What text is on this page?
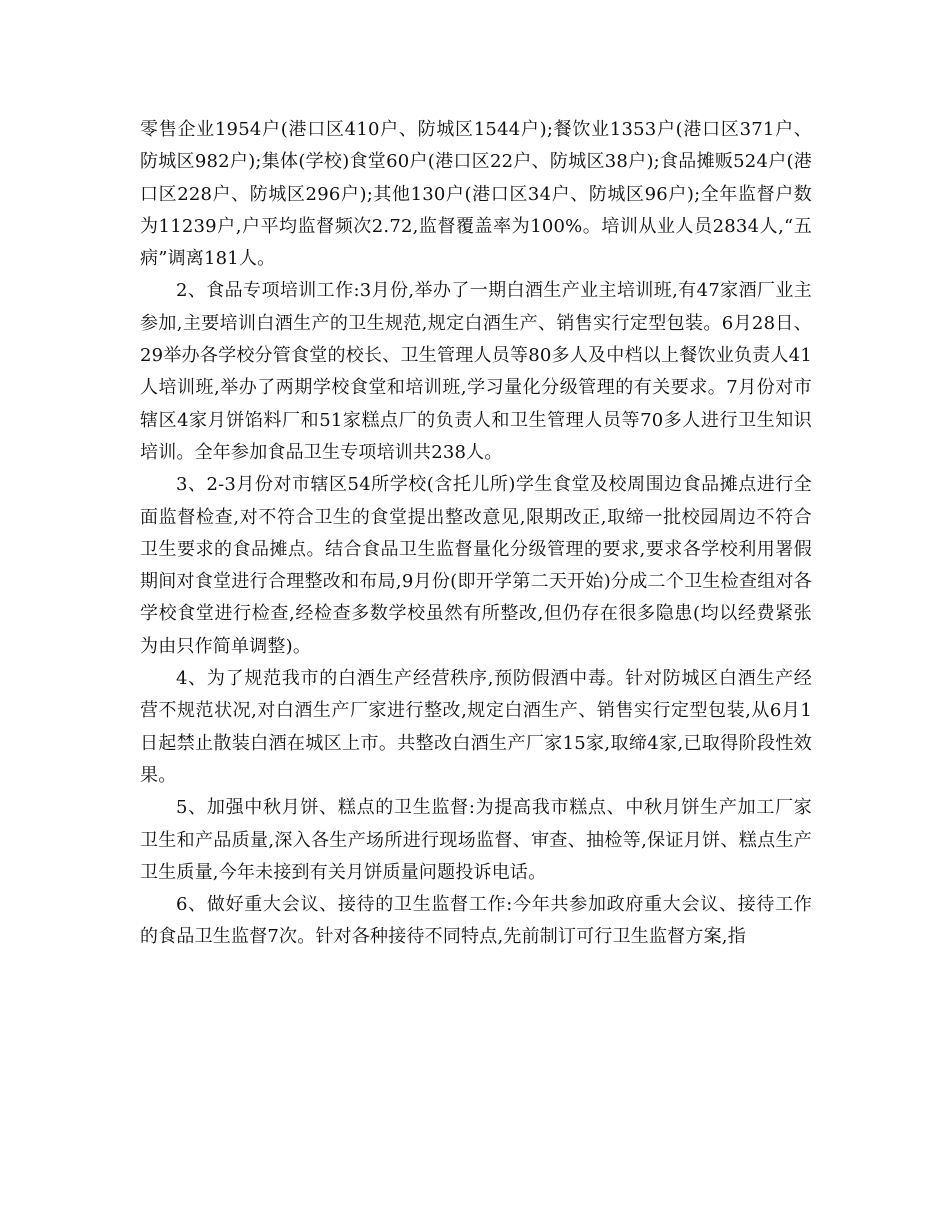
零售企业1954户(港口区410户、防城区1544户);餐饮业1353户(港口区371户、防城区982户);集体(学校)食堂60户(港口区22户、防城区38户);食品摊贩524户(港口区228户、防城区296户);其他130户(港口区34户、防城区96户);全年监督户数为11239户,户平均监督频次2.72,监督覆盖率为100%。培训从业人员2834人,“五病”调离181人。

2、食品专项培训工作:3月份,举办了一期白酒生产业主培训班,有47家酒厂业主参加,主要培训白酒生产的卫生规范,规定白酒生产、销售实行定型包装。6月28日、29举办各学校分管食堂的校长、卫生管理人员等80多人及中档以上餐饮业负责人41人培训班,举办了两期学校食堂和培训班,学习量化分级管理的有关要求。7月份对市辖区4家月饼馅料厂和51家糕点厂的负责人和卫生管理人员等70多人进行卫生知识培训。全年参加食品卫生专项培训共238人。

3、2-3月份对市辖区54所学校(含托儿所)学生食堂及校周围边食品摊点进行全面监督检查,对不符合卫生的食堂提出整改意见,限期改正,取缔一批校园周边不符合卫生要求的食品摊点。结合食品卫生监督量化分级管理的要求,要求各学校利用署假期间对食堂进行合理整改和布局,9月份(即开学第二天开始)分成二个卫生检查组对各学校食堂进行检查,经检查多数学校虽然有所整改,但仍存在很多隐患(均以经费紧张为由只作简单调整)。

4、为了规范我市的白酒生产经营秩序,预防假酒中毒。针对防城区白酒生产经营不规范状况,对白酒生产厂家进行整改,规定白酒生产、销售实行定型包装,从6月1日起禁止散装白酒在城区上市。共整改白酒生产厂家15家,取缔4家,已取得阶段性效果。

5、加强中秋月饼、糕点的卫生监督:为提高我市糕点、中秋月饼生产加工厂家卫生和产品质量,深入各生产场所进行现场监督、审查、抽检等,保证月饼、糕点生产卫生质量,今年未接到有关月饼质量问题投诉电话。

6、做好重大会议、接待的卫生监督工作:今年共参加政府重大会议、接待工作的食品卫生监督7次。针对各种接待不同特点,先前制订可行卫生监督方案,指
